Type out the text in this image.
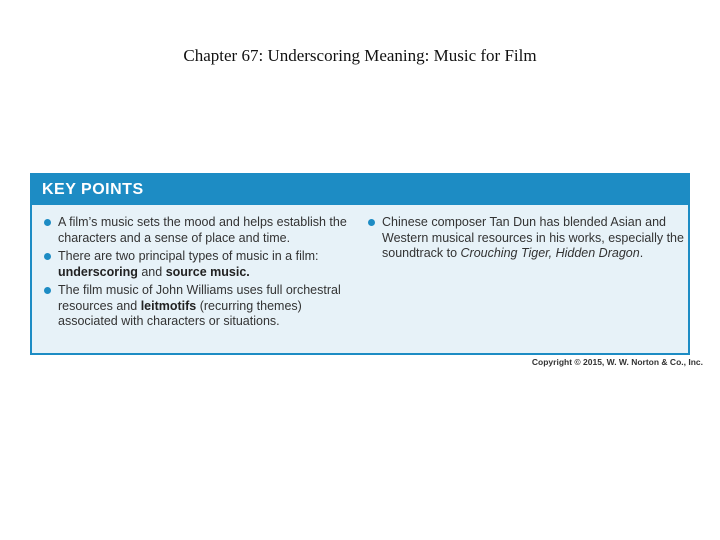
Chapter 67: Underscoring Meaning: Music for Film
KEY POINTS
A film’s music sets the mood and helps establish the characters and a sense of place and time.
There are two principal types of music in a film: underscoring and source music.
The film music of John Williams uses full orchestral resources and leitmotifs (recurring themes) associated with characters or situations.
Chinese composer Tan Dun has blended Asian and Western musical resources in his works, especially the soundtrack to Crouching Tiger, Hidden Dragon.
Copyright © 2015, W. W. Norton & Co., Inc.
